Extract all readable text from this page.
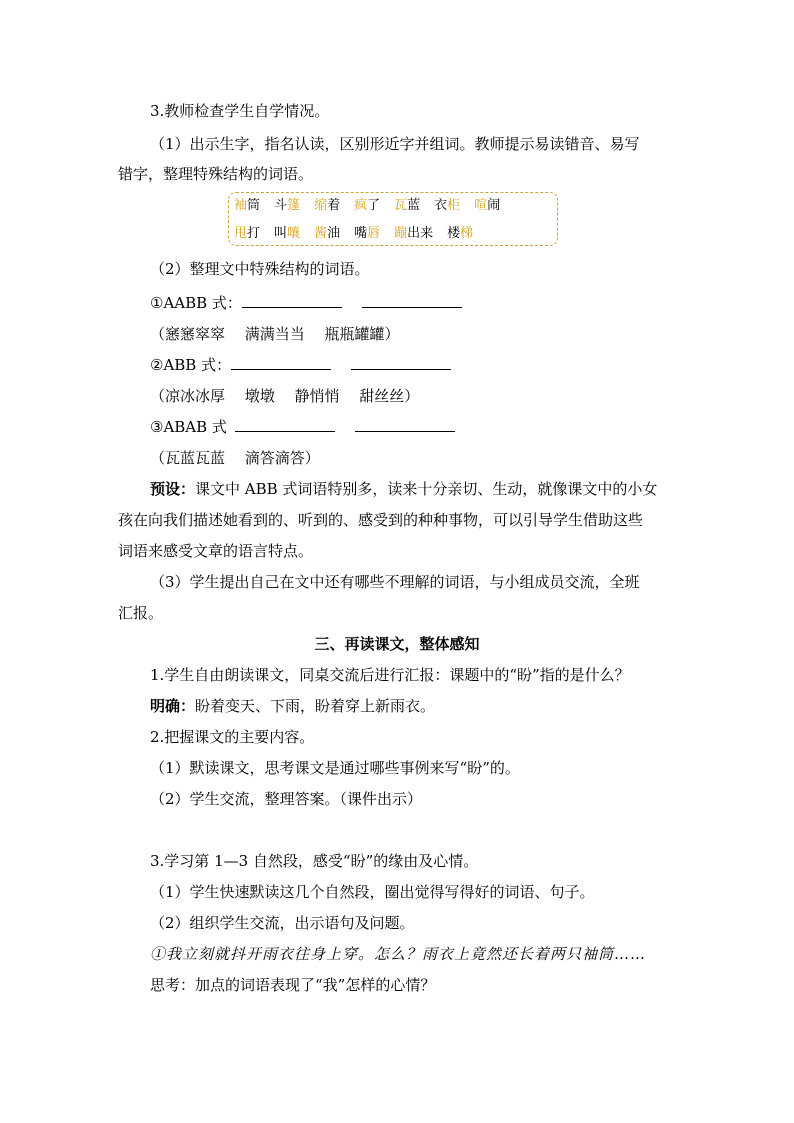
3.教师检查学生自学情况。
（1）出示生字，指名认读，区别形近字并组词。教师提示易读错音、易写
错字，整理特殊结构的词语。
袖筒 斗篷 缩着 疯了 瓦蓝 衣柜 喧闹
甩打 叫嚷 酱油 嘴唇 蹦出来 楼梯
（2）整理文中特殊结构的词语。
①AABB 式：
（窸窸窣窣　 满满当当　 瓶瓶罐罐）
②ABB 式：
（凉冰冰厚　 墩墩　 静悄悄　 甜丝丝）
③ABAB 式
（瓦蓝瓦蓝　 滴答滴答）
预设：课文中 ABB 式词语特别多，读来十分亲切、生动，就像课文中的小女
孩在向我们描述她看到的、听到的、感受到的种种事物，可以引导学生借助这些
词语来感受文章的语言特点。
（3）学生提出自己在文中还有哪些不理解的词语，与小组成员交流，全班
汇报。
三、再读课文，整体感知
1.学生自由朗读课文，同桌交流后进行汇报：课题中的“盼”指的是什么？
明确：盼着变天、下雨，盼着穿上新雨衣。
2.把握课文的主要内容。
（1）默读课文，思考课文是通过哪些事例来写“盼”的。
（2）学生交流，整理答案。（课件出示）
3.学习第 1—3 自然段，感受“盼”的缘由及心情。
（1）学生快速默读这几个自然段，圈出觉得写得好的词语、句子。
（2）组织学生交流，出示语句及问题。
①我立刻就抖开雨衣往身上穿。怎么？雨衣上竟然还长着两只袖筒……
思考：加点的词语表现了“我”怎样的心情？
